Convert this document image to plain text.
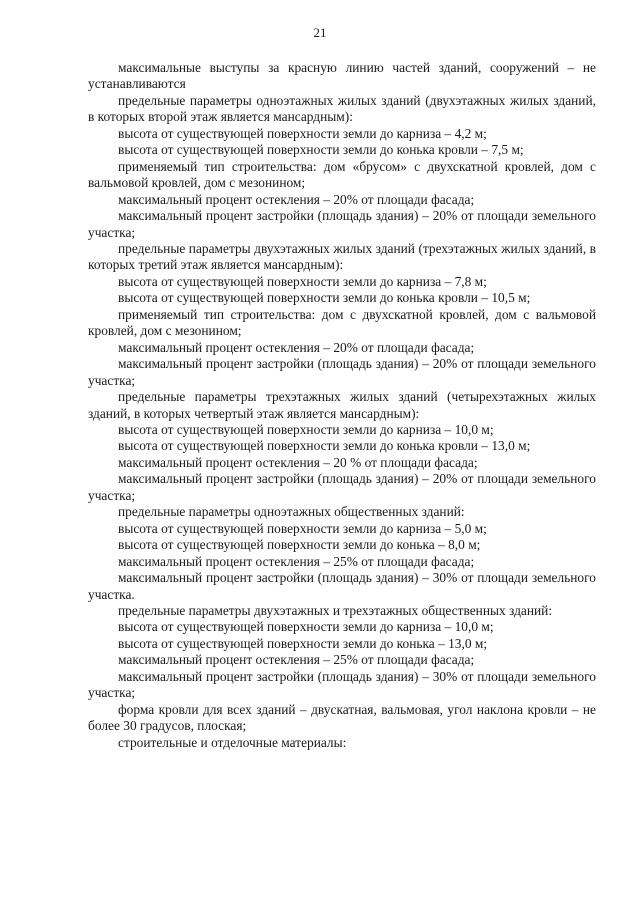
21

максимальные выступы за красную линию частей зданий, сооружений – не устанавливаются

предельные параметры одноэтажных жилых зданий (двухэтажных жилых зданий, в которых второй этаж является мансардным):

высота от существующей поверхности земли до карниза – 4,2 м;

высота от существующей поверхности земли до конька кровли – 7,5 м;

применяемый тип строительства: дом «брусом» с двухскатной кровлей, дом с вальмовой кровлей, дом с мезонином;

максимальный процент остекления – 20% от площади фасада;

максимальный процент застройки (площадь здания) – 20% от площади земельного участка;

предельные параметры двухэтажных жилых зданий (трехэтажных жилых зданий, в которых третий этаж является мансардным):

высота от существующей поверхности земли до карниза – 7,8 м;

высота от существующей поверхности земли до конька кровли – 10,5 м;

применяемый тип строительства: дом с двухскатной кровлей, дом с вальмовой кровлей, дом с мезонином;

максимальный процент остекления – 20% от площади фасада;

максимальный процент застройки (площадь здания) – 20% от площади земельного участка;

предельные параметры трехэтажных жилых зданий (четырехэтажных жилых зданий, в которых четвертый этаж является мансардным):

высота от существующей поверхности земли до карниза – 10,0 м;

высота от существующей поверхности земли до конька кровли – 13,0 м;

максимальный процент остекления – 20 % от площади фасада;

максимальный процент застройки (площадь здания) – 20% от площади земельного участка;

предельные параметры одноэтажных общественных зданий:

высота от существующей поверхности земли до карниза – 5,0 м;

высота от существующей поверхности земли до конька – 8,0 м;

максимальный процент остекления – 25% от площади фасада;

максимальный процент застройки (площадь здания) – 30% от площади земельного участка.

предельные параметры двухэтажных и трехэтажных общественных зданий:

высота от существующей поверхности земли до карниза – 10,0 м;

высота от существующей поверхности земли до конька – 13,0 м;

максимальный процент остекления – 25% от площади фасада;

максимальный процент застройки (площадь здания) – 30% от площади земельного участка;

форма кровли для всех зданий – двускатная, вальмовая, угол наклона кровли – не более 30 градусов, плоская;

строительные и отделочные материалы:
